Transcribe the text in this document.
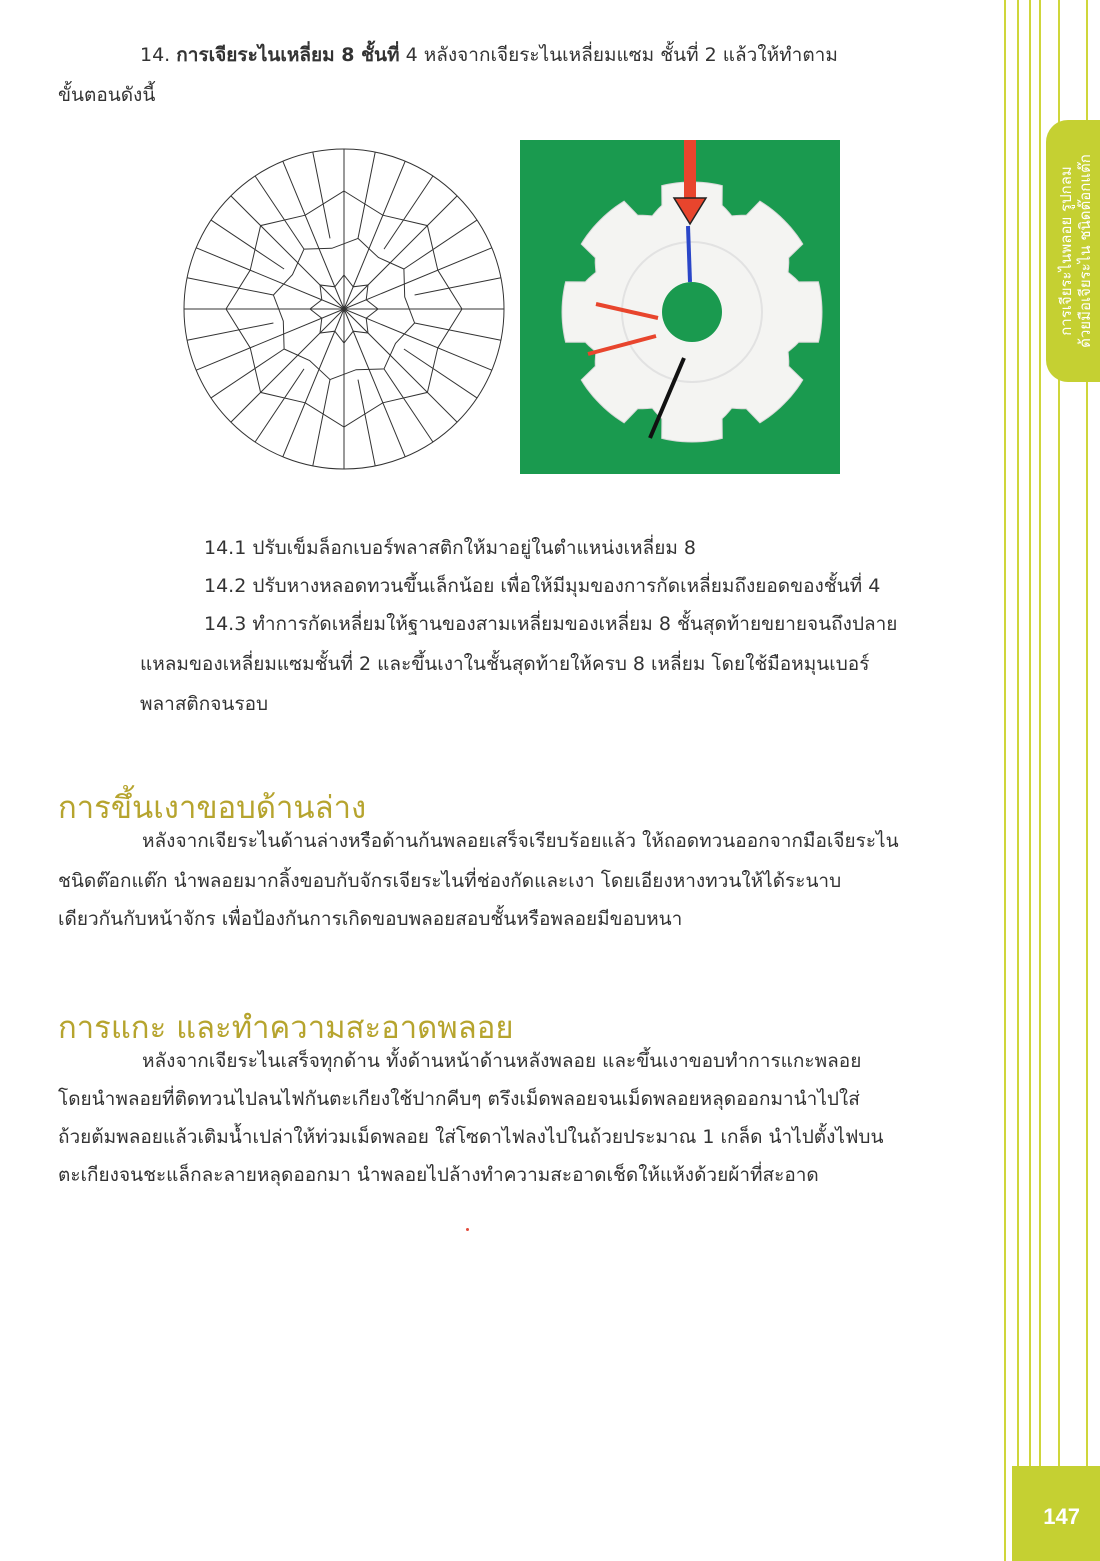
การเจียระไนพลอย รูปกลม ด้วยมือเจียระไน ชนิดต๊อกแต๊ก

14. การเจียระไนเหลี่ยม 8 ชั้นที่ 4 หลังจากเจียระไนเหลี่ยมแซม ชั้นที่ 2 แล้วให้ทำตาม

ขั้นตอนดังนี้

14.1 ปรับเข็มล็อกเบอร์พลาสติกให้มาอยู่ในตำแหน่งเหลี่ยม 8

14.2 ปรับหางหลอดทวนขึ้นเล็กน้อย เพื่อให้มีมุมของการกัดเหลี่ยมถึงยอดของชั้นที่ 4

14.3 ทำการกัดเหลี่ยมให้ฐานของสามเหลี่ยมของเหลี่ยม 8 ชั้นสุดท้ายขยายจนถึงปลาย

แหลมของเหลี่ยมแซมชั้นที่ 2 และขึ้นเงาในชั้นสุดท้ายให้ครบ 8 เหลี่ยม โดยใช้มือหมุนเบอร์

พลาสติกจนรอบ

การขึ้นเงาขอบด้านล่าง

หลังจากเจียระไนด้านล่างหรือด้านก้นพลอยเสร็จเรียบร้อยแล้ว ให้ถอดทวนออกจากมือเจียระไน

ชนิดต๊อกแต๊ก นำพลอยมากลิ้งขอบกับจักรเจียระไนที่ช่องกัดและเงา โดยเอียงหางทวนให้ได้ระนาบ

เดียวกันกับหน้าจักร เพื่อป้องกันการเกิดขอบพลอยสอบชั้นหรือพลอยมีขอบหนา

การแกะ และทำความสะอาดพลอย

หลังจากเจียระไนเสร็จทุกด้าน ทั้งด้านหน้าด้านหลังพลอย และขึ้นเงาขอบทำการแกะพลอย

โดยนำพลอยที่ติดทวนไปลนไฟกันตะเกียงใช้ปากคีบๆ ตรึงเม็ดพลอยจนเม็ดพลอยหลุดออกมานำไปใส่

ถ้วยต้มพลอยแล้วเติมน้ำเปล่าให้ท่วมเม็ดพลอย ใส่โซดาไฟลงไปในถ้วยประมาณ 1 เกล็ด นำไปตั้งไฟบน

ตะเกียงจนชะแล็กละลายหลุดออกมา นำพลอยไปล้างทำความสะอาดเช็ดให้แห้งด้วยผ้าที่สะอาด

147
